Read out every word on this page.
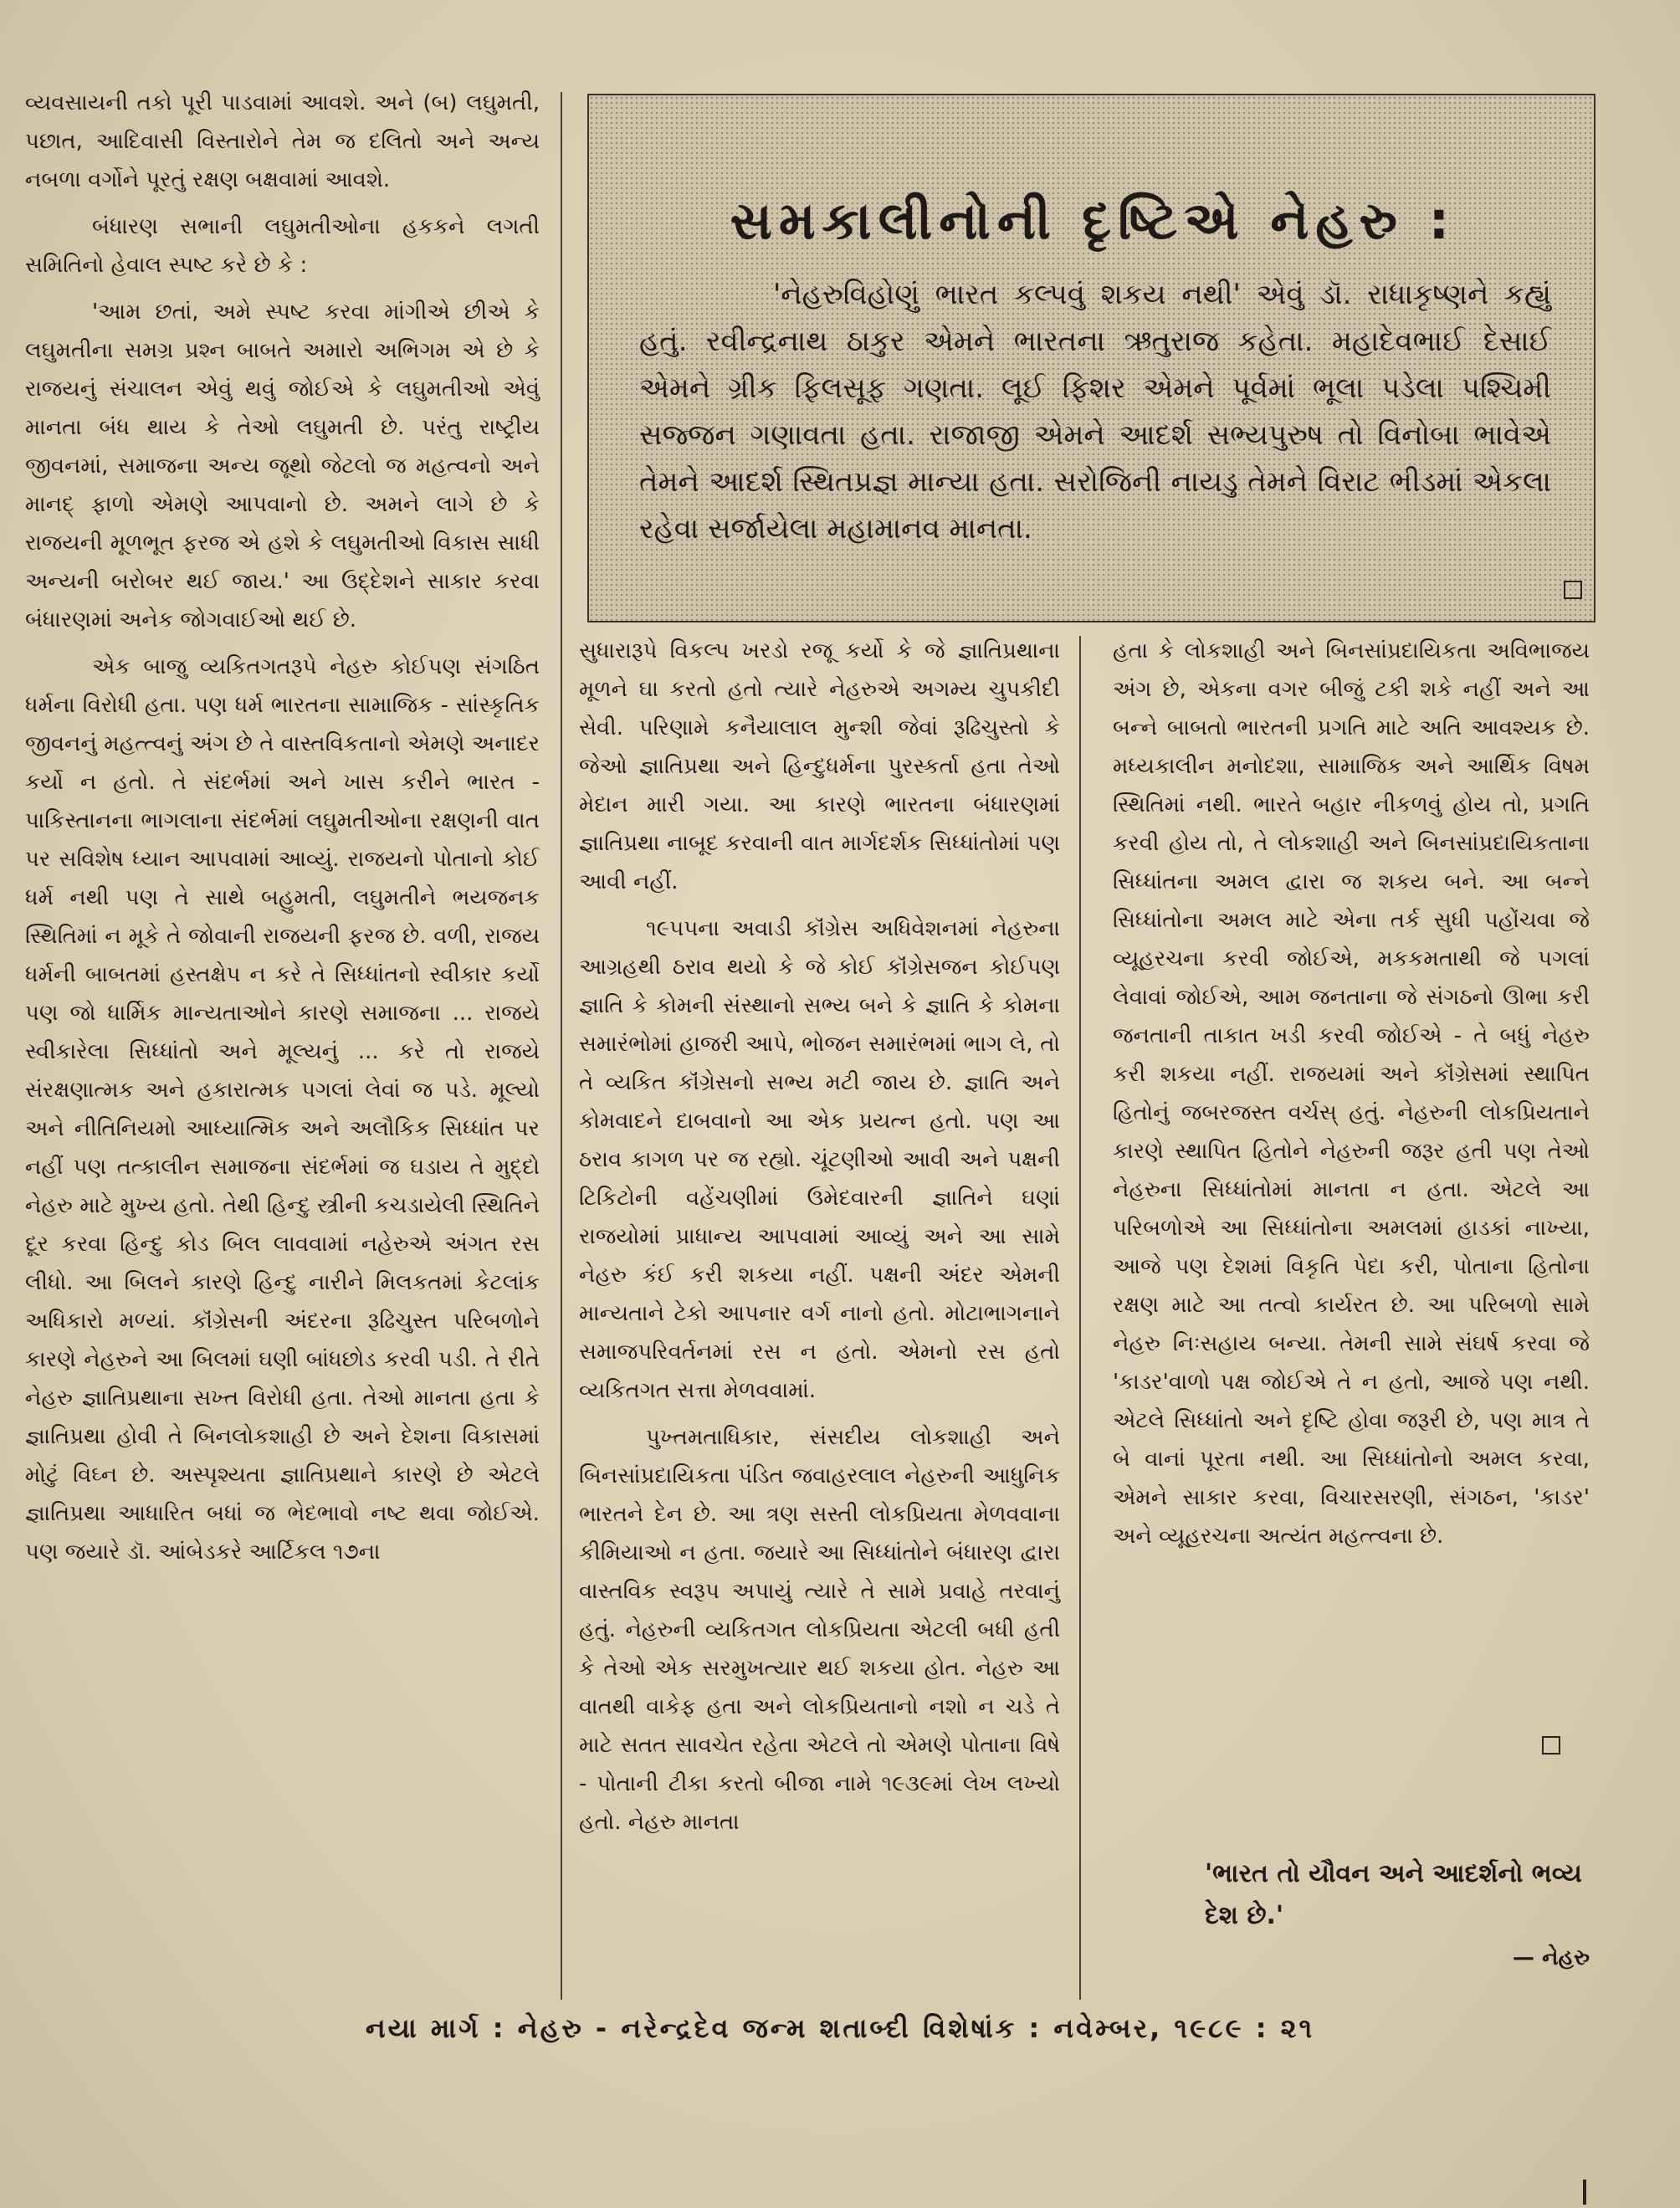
વ્યવસાયની તકો પૂરી પાડવામાં આવશે. અને (બ) લઘુમતી, પછાત, આદિવાસી વિસ્તારોને તેમ જ દલિતો અને અન્ય નબળા વર્ગોને પૂરતું રક્ષણ બક્ષવામાં આવશે.

બંધારણ સભાની લઘુમતીઓના હકકને લગતી સમિતિનો હેવાલ સ્પષ્ટ કરે છે કે :

'આમ છતાં, અમે સ્પષ્ટ કરવા માંગીએ છીએ કે લઘુમતીના સમગ્ર પ્રશ્ન બાબતે અમારો અભિગમ એ છે કે રાજયનું સંચાલન એવું થવું જોઈએ કે લઘુમતીઓ એવું માનતા બંધ થાય કે તેઓ લઘુમતી છે. પરંતુ રાષ્ટ્રીય જીવનમાં, સમાજના અન્ય જૂથો જેટલો જ મહત્વનો અને માનદ્ ફાળો એમણે આપવાનો છે. અમને લાગે છે કે રાજયની મૂળભૂત ફરજ એ હશે કે લઘુમતીઓ વિકાસ સાધી અન્યની બરોબર થઈ જાય.' આ ઉદ્દેશને સાકાર કરવા બંધારણમાં અનેક જોગવાઈઓ થઈ છે.

એક બાજુ વ્યકિતગતરૂપે નેહરુ કોઈપણ સંગઠિત ધર્મના વિરોધી હતા. પણ ધર્મ ભારતના સામાજિક - સાંસ્કૃતિક જીવનનું મહત્ત્વનું અંગ છે તે વાસ્તવિકતાનો એમણે અનાદર કર્યો ન હતો. તે સંદર્ભમાં અને ખાસ કરીને ભારત - પાકિસ્તાનના ભાગલાના સંદર્ભમાં લઘુમતીઓના રક્ષણની વાત પર સવિશેષ ધ્યાન આપવામાં આવ્યું. રાજયનો પોતાનો કોઈ ધર્મ નથી પણ તે સાથે બહુમતી, લઘુમતીને ભયજનક સ્થિતિમાં ન મૂકે તે જોવાની રાજયની ફરજ છે. વળી, રાજય ધર્મની બાબતમાં હસ્તક્ષેપ ન કરે તે સિધ્ધાંતનો સ્વીકાર કર્યો પણ જો ધાર્મિક માન્યતાઓને કારણે સમાજના ... રાજયે સ્વીકારેલા સિધ્ધાંતો અને મૂલ્યનું ... કરે તો રાજયે સંરક્ષણાત્મક અને હકારાત્મક પગલાં લેવાં જ પડે. મૂલ્યો અને નીતિનિયમો આધ્યાત્મિક અને અલૌકિક સિધ્ધાંત પર નહીં પણ તત્કાલીન સમાજના સંદર્ભમાં જ ઘડાય તે મુદ્દો નેહરુ માટે મુખ્ય હતો. તેથી હિન્દુ સ્ત્રીની કચડાયેલી સ્થિતિને દૂર કરવા હિન્દુ કોડ બિલ લાવવામાં નહેરુએ અંગત રસ લીધો. આ બિલને કારણે હિન્દુ નારીને મિલકતમાં કેટલાંક અધિકારો મળ્યાં. કૉંગ્રેસની અંદરના રૂઢિચુસ્ત પરિબળોને કારણે નેહરુને આ બિલમાં ઘણી બાંધછોડ કરવી પડી. તે રીતે નેહરુ જ્ઞાતિપ્રથાના સખ્ત વિરોધી હતા. તેઓ માનતા હતા કે જ્ઞાતિપ્રથા હોવી તે બિનલોકશાહી છે અને દેશના વિકાસમાં મોટું વિઘ્ન છે. અસ્પૃશ્યતા જ્ઞાતિપ્રથાને કારણે છે એટલે જ્ઞાતિપ્રથા આધારિત બધાં જ ભેદભાવો નષ્ટ થવા જોઈએ. પણ જયારે ડૉ. આંબેડકરે આર્ટિકલ ૧૭ના

સમકાલીનોની દૃષ્ટિએ નેહરુ :

'નેહરુવિહોણું ભારત કલ્પવું શકય નથી' એવું ડૉ. રાધાકૃષ્ણને કહ્યું હતું. રવીન્દ્રનાથ ઠાકુર એમને ભારતના ઋતુરાજ કહેતા. મહાદેવભાઈ દેસાઈ એમને ગ્રીક ફિલસૂફ ગણતા. લૂઈ ફિશર એમને પૂર્વમાં ભૂલા પડેલા પશ્ચિમી સજ્જન ગણાવતા હતા. રાજાજી એમને આદર્શ સભ્યપુરુષ તો વિનોબા ભાવેએ તેમને આદર્શ સ્થિતપ્રજ્ઞ માન્યા હતા. સરોજિની નાયડુ તેમને વિરાટ ભીડમાં એકલા રહેવા સર્જાયેલા મહામાનવ માનતા.

સુધારારૂપે વિકલ્પ ખરડો રજૂ કર્યો કે જે જ્ઞાતિપ્રથાના મૂળને ઘા કરતો હતો ત્યારે નેહરુએ અગમ્ય ચુપકીદી સેવી. પરિણામે કનૈયાલાલ મુન્શી જેવાં રૂઢિચુસ્તો કે જેઓ જ્ઞાતિપ્રથા અને હિન્દુધર્મના પુરસ્કર્તા હતા તેઓ મેદાન મારી ગયા. આ કારણે ભારતના બંધારણમાં જ્ઞાતિપ્રથા નાબૂદ કરવાની વાત માર્ગદર્શક સિધ્ધાંતોમાં પણ આવી નહીં.

૧૯૫૫ના અવાડી કૉંગ્રેસ અધિવેશનમાં નેહરુના આગ્રહથી ઠરાવ થયો કે જે કોઈ કૉંગ્રેસજન કોઈપણ જ્ઞાતિ કે કોમની સંસ્થાનો સભ્ય બને કે જ્ઞાતિ કે કોમના સમારંભોમાં હાજરી આપે, ભોજન સમારંભમાં ભાગ લે, તો તે વ્યકિત કૉંગ્રેસનો સભ્ય મટી જાય છે. જ્ઞાતિ અને કોમવાદને દાબવાનો આ એક પ્રયત્ન હતો. પણ આ ઠરાવ કાગળ પર જ રહ્યો. ચૂંટણીઓ આવી અને પક્ષની ટિકિટોની વહેંચણીમાં ઉમેદવારની જ્ઞાતિને ઘણાં રાજયોમાં પ્રાધાન્ય આપવામાં આવ્યું અને આ સામે નેહરુ કંઈ કરી શકયા નહીં. પક્ષની અંદર એમની માન્યતાને ટેકો આપનાર વર્ગ નાનો હતો. મોટાભાગનાને સમાજપરિવર્તનમાં રસ ન હતો. એમનો રસ હતો વ્યકિતગત સત્તા મેળવવામાં.

પુખ્તમતાધિકાર, સંસદીય લોકશાહી અને બિનસાંપ્રદાયિકતા પંડિત જવાહરલાલ નેહરુની આધુનિક ભારતને દેન છે. આ ત્રણ સસ્તી લોકપ્રિયતા મેળવવાના કીમિયાઓ ન હતા. જયારે આ સિધ્ધાંતોને બંધારણ દ્વારા વાસ્તવિક સ્વરૂપ અપાયું ત્યારે તે સામે પ્રવાહે તરવાનું હતું. નેહરુની વ્યકિતગત લોકપ્રિયતા એટલી બધી હતી કે તેઓ એક સરમુખત્યાર થઈ શકયા હોત. નેહરુ આ વાતથી વાકેફ હતા અને લોકપ્રિયતાનો નશો ન ચડે તે માટે સતત સાવચેત રહેતા એટલે તો એમણે પોતાના વિષે - પોતાની ટીકા કરતો બીજા નામે ૧૯૩૯માં લેખ લખ્યો હતો. નેહરુ માનતા

હતા કે લોકશાહી અને બિનસાંપ્રદાયિકતા અવિભાજય અંગ છે, એકના વગર બીજું ટકી શકે નહીં અને આ બન્ને બાબતો ભારતની પ્રગતિ માટે અતિ આવશ્યક છે. મધ્યકાલીન મનોદશા, સામાજિક અને આર્થિક વિષમ સ્થિતિમાં નથી. ભારતે બહાર નીકળવું હોય તો, પ્રગતિ કરવી હોય તો, તે લોકશાહી અને બિનસાંપ્રદાયિકતાના સિધ્ધાંતના અમલ દ્વારા જ શકય બને. આ બન્ને સિધ્ધાંતોના અમલ માટે એના તર્ક સુધી પહોંચવા જે વ્યૂહરચના કરવી જોઈએ, મકકમતાથી જે પગલાં લેવાવાં જોઈએ, આમ જનતાના જે સંગઠનો ઊભા કરી જનતાની તાકાત ખડી કરવી જોઈએ - તે બધું નેહરુ કરી શકયા નહીં. રાજયમાં અને કૉંગ્રેસમાં સ્થાપિત હિતોનું જબરજસ્ત વર્ચસ્ હતું. નેહરુની લોકપ્રિયતાને કારણે સ્થાપિત હિતોને નેહરુની જરૂર હતી પણ તેઓ નેહરુના સિધ્ધાંતોમાં માનતા ન હતા. એટલે આ પરિબળોએ આ સિધ્ધાંતોના અમલમાં હાડકાં નાખ્યા, આજે પણ દેશમાં વિકૃતિ પેદા કરી, પોતાના હિતોના રક્ષણ માટે આ તત્વો કાર્યરત છે. આ પરિબળો સામે નેહરુ નિઃસહાય બન્યા. તેમની સામે સંઘર્ષ કરવા જે 'કાડર'વાળો પક્ષ જોઈએ તે ન હતો, આજે પણ નથી. એટલે સિધ્ધાંતો અને દૃષ્ટિ હોવા જરૂરી છે, પણ માત્ર તે બે વાનાં પૂરતા નથી. આ સિધ્ધાંતોનો અમલ કરવા, એમને સાકાર કરવા, વિચારસરણી, સંગઠન, 'કાડર' અને વ્યૂહરચના અત્યંત મહત્ત્વના છે.

'ભારત તો યૌવન અને આદર્શનો ભવ્ય દેશ છે.'
— નેહરુ
નયા માર્ગ : નેહરુ - નરેન્દ્રદેવ જન્મ શતાબ્દી વિશેષાંક : નવેમ્બર, ૧૯૮૯ : ૨૧
